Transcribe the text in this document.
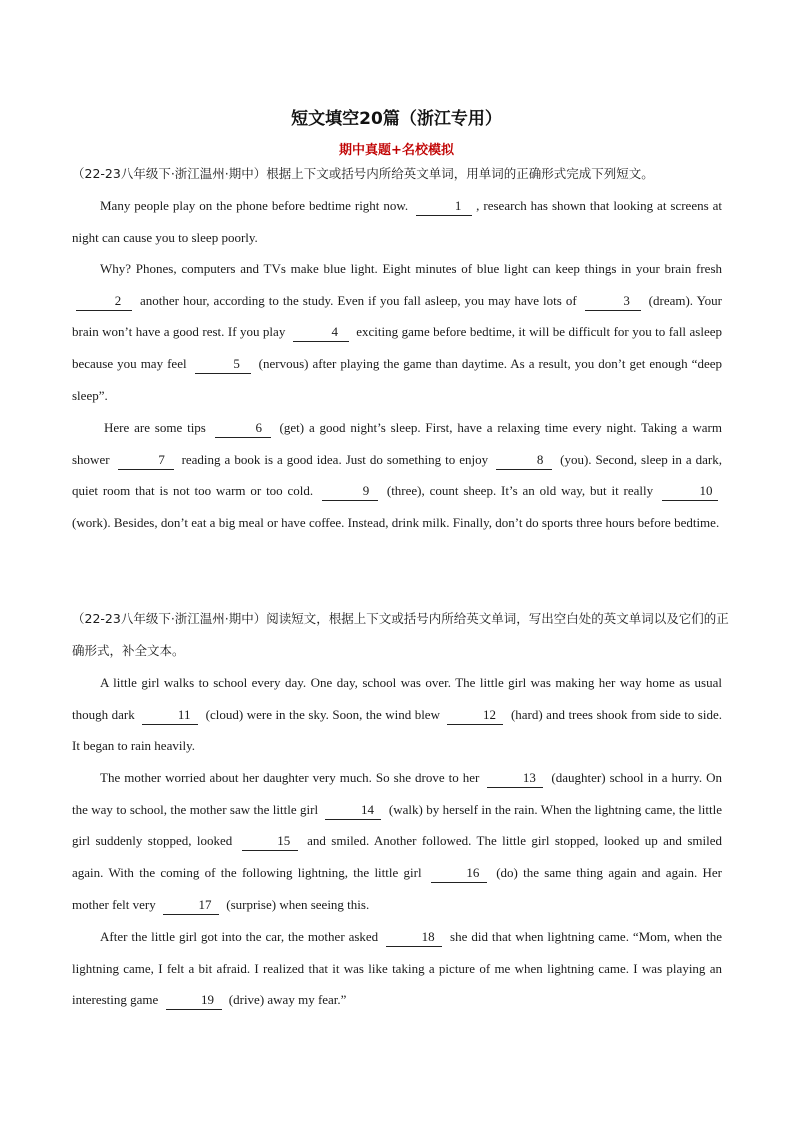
短文填空20篇（浙江专用）
期中真题+名校模拟
（22-23八年级下·浙江温州·期中）根据上下文或括号内所给英文单词，用单词的正确形式完成下列短文。
Many people play on the phone before bedtime right now.	1 , research has shown that looking at screens at night can cause you to sleep poorly.
Why? Phones, computers and TVs make blue light. Eight minutes of blue light can keep things in your brain fresh 2 another hour, according to the study. Even if you fall asleep, you may have lots of	3 (dream). Your brain won’t have a good rest. If you play	4 exciting game before bedtime, it will be difficult for you to fall asleep because you may feel	5 (nervous) after playing the game than daytime. As a result, you don’t get enough “deep sleep”.
Here are some tips	6 (get) a good night’s sleep. First, have a relaxing time every night. Taking a warm shower	7 reading a book is a good idea. Just do something to enjoy	8 (you). Second, sleep in a dark, quiet room that is not too warm or too cold.	9 (three), count sheep. It’s an old way, but it really	10 (work). Besides, don’t eat a big meal or have coffee. Instead, drink milk. Finally, don’t do sports three hours before bedtime.
（22-23八年级下·浙江温州·期中）阅读短文，根据上下文或括号内所给英文单词，写出空白处的英文单词以及它们的正确形式，补全文本。
A little girl walks to school every day. One day, school was over. The little girl was making her way home as usual though dark	11 (cloud) were in the sky. Soon, the wind blew	12 (hard) and trees shook from side to side. It began to rain heavily.
The mother worried about her daughter very much. So she drove to her	13 (daughter) school in a hurry. On the way to school, the mother saw the little girl	14 (walk) by herself in the rain. When the lightning came, the little girl suddenly stopped, looked	15 and smiled. Another followed. The little girl stopped, looked up and smiled again. With the coming of the following lightning, the little girl	16 (do) the same thing again and again. Her mother felt very	17 (surprise) when seeing this.
After the little girl got into the car, the mother asked	18 she did that when lightning came. “Mom, when the lightning came, I felt a bit afraid. I realized that it was like taking a picture of me when lightning came. I was playing an interesting game	19 (drive) away my fear.”
